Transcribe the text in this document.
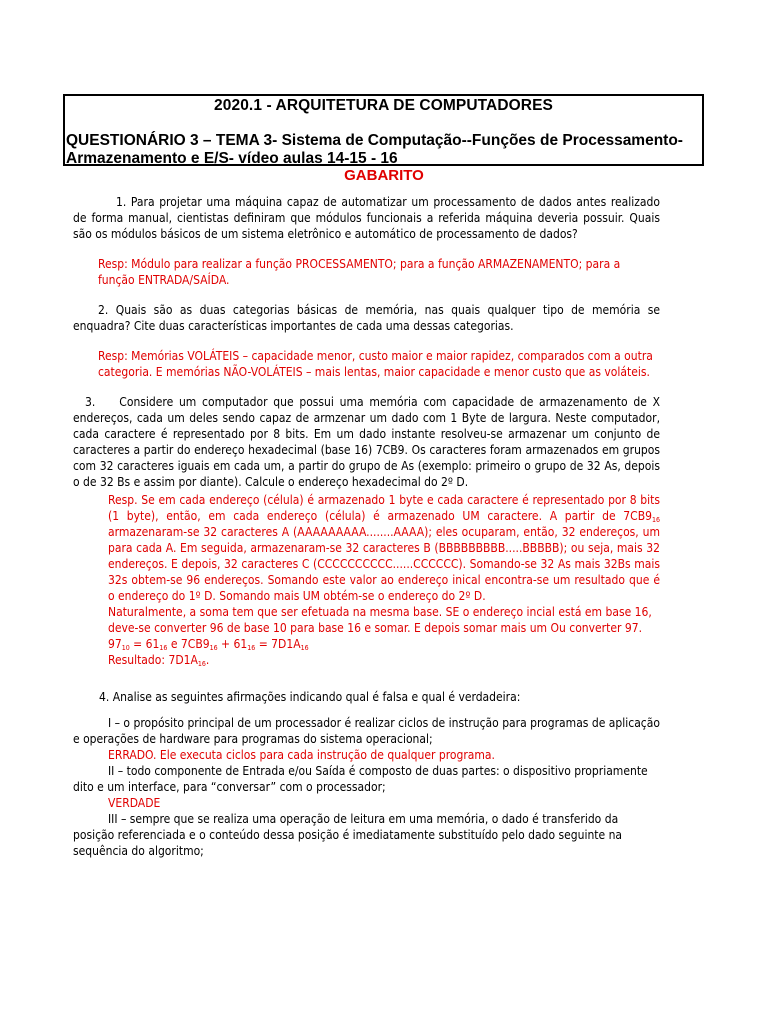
2020.1 - ARQUITETURA DE COMPUTADORES
QUESTIONÁRIO 3 – TEMA 3- Sistema de Computação--Funções de Processamento-Armazenamento e E/S- vídeo aulas 14-15 - 16
GABARITO

1. Para projetar uma máquina capaz de automatizar um processamento de dados antes realizado de forma manual, cientistas definiram que módulos funcionais a referida máquina deveria possuir. Quais são os módulos básicos de um sistema eletrônico e automático de processamento de dados?

Resp: Módulo para realizar a função PROCESSAMENTO; para a função ARMAZENAMENTO; para a função ENTRADA/SAÍDA.

2. Quais são as duas categorias básicas de memória, nas quais qualquer tipo de memória se enquadra? Cite duas características importantes de cada uma dessas categorias.

Resp: Memórias VOLÁTEIS – capacidade menor, custo maior e maior rapidez, comparados com a outra categoria. E memórias NÃO-VOLÁTEIS – mais lentas, maior capacidade e menor custo que as voláteis.

3. Considere um computador que possui uma memória com capacidade de armazenamento de X endereços, cada um deles sendo capaz de armzenar um dado com 1 Byte de largura. Neste computador, cada caractere é representado por 8 bits. Em um dado instante resolveu-se armazenar um conjunto de caracteres a partir do endereço hexadecimal (base 16) 7CB9. Os caracteres foram armazenados em grupos com 32 caracteres iguais em cada um, a partir do grupo de As (exemplo: primeiro o grupo de 32 As, depois o de 32 Bs e assim por diante). Calcule o endereço hexadecimal do 2º D.

Resp. Se em cada endereço (célula) é armazenado 1 byte e cada caractere é representado por 8 bits (1 byte), então, em cada endereço (célula) é armazenado UM caractere. A partir de $7CB9_{16}$ armazenaram-se 32 caracteres A (AAAAAAAAA........AAAA); eles ocuparam, então, 32 endereços, um para cada A. Em seguida, armazenaram-se 32 caracteres B (BBBBBBBBB.....BBBBB); ou seja, mais 32 endereços. E depois, 32 caracteres C (CCCCCCCCCC......CCCCCC). Somando-se 32 As mais 32Bs mais 32s obtem-se 96 endereços. Somando este valor ao endereço inical encontra-se um resultado que é o endereço do 1º D. Somando mais UM obtém-se o endereço do 2º D.

Naturalmente, a soma tem que ser efetuada na mesma base. SE o endereço incial está em base 16, deve-se converter 96 de base 10 para base 16 e somar. E depois somar mais um Ou converter 97.

$97_{10} = 61_{16}$ e $7CB9_{16} + 61_{16} = 7D1A_{16}$

Resultado: $7D1A_{16}$.

4. Analise as seguintes afirmações indicando qual é falsa e qual é verdadeira:

I – o propósito principal de um processador é realizar ciclos de instrução para programas de aplicação e operações de hardware para programas do sistema operacional;

ERRADO. Ele executa ciclos para cada instrução de qualquer programa.

II – todo componente de Entrada e/ou Saída é composto de duas partes: o dispositivo propriamente dito e um interface, para “conversar” com o processador;

VERDADE

III – sempre que se realiza uma operação de leitura em uma memória, o dado é transferido da posição referenciada e o conteúdo dessa posição é imediatamente substituído pelo dado seguinte na sequência do algoritmo;
